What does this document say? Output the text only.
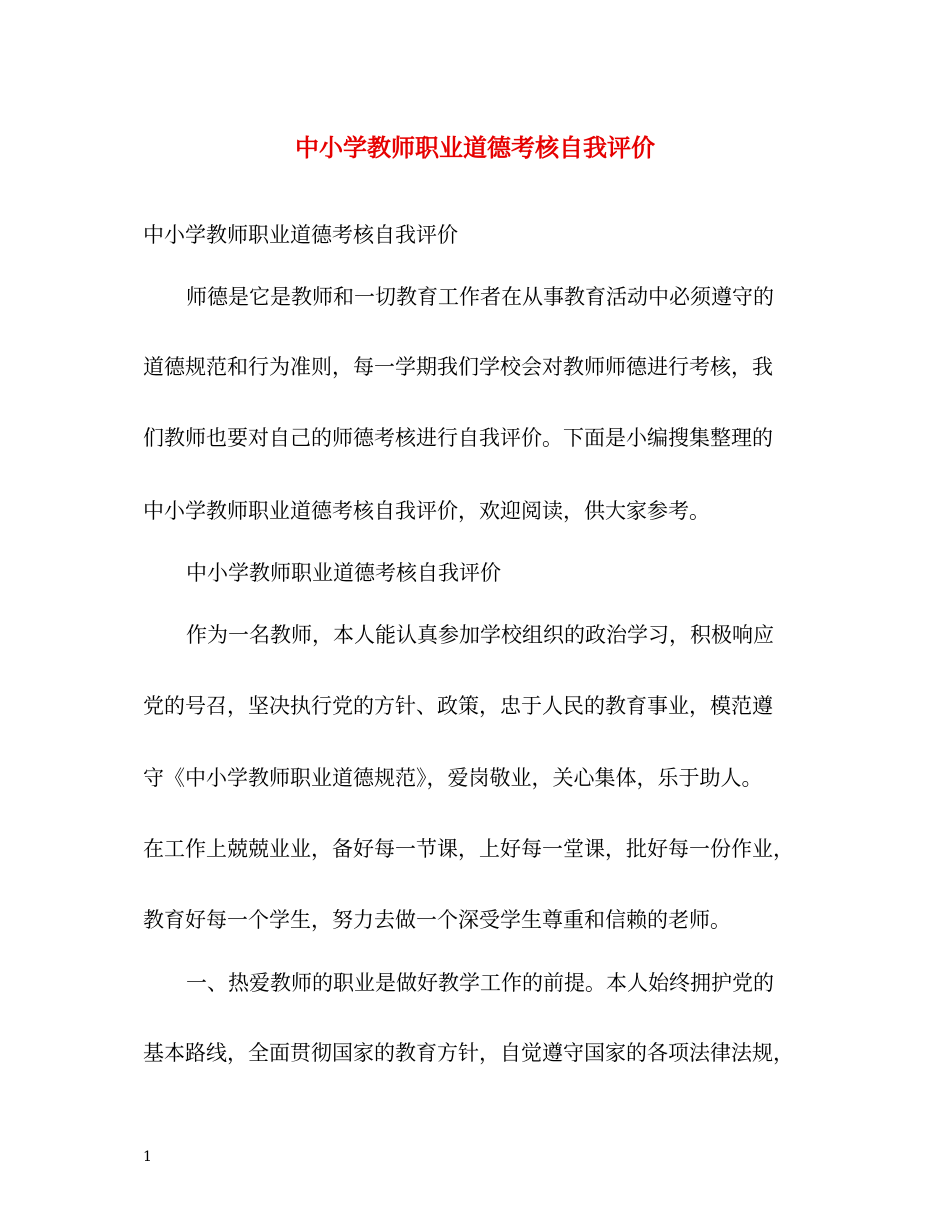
中小学教师职业道德考核自我评价
中小学教师职业道德考核自我评价
师德是它是教师和一切教育工作者在从事教育活动中必须遵守的
道德规范和行为准则，每一学期我们学校会对教师师德进行考核，我
们教师也要对自己的师德考核进行自我评价。下面是小编搜集整理的
中小学教师职业道德考核自我评价，欢迎阅读，供大家参考。
中小学教师职业道德考核自我评价
作为一名教师，本人能认真参加学校组织的政治学习，积极响应
党的号召，坚决执行党的方针、政策，忠于人民的教育事业，模范遵
守《中小学教师职业道德规范》，爱岗敬业，关心集体，乐于助人。
在工作上兢兢业业，备好每一节课，上好每一堂课，批好每一份作业，
教育好每一个学生，努力去做一个深受学生尊重和信赖的老师。
一、热爱教师的职业是做好教学工作的前提。本人始终拥护党的
基本路线，全面贯彻国家的教育方针，自觉遵守国家的各项法律法规，
1
